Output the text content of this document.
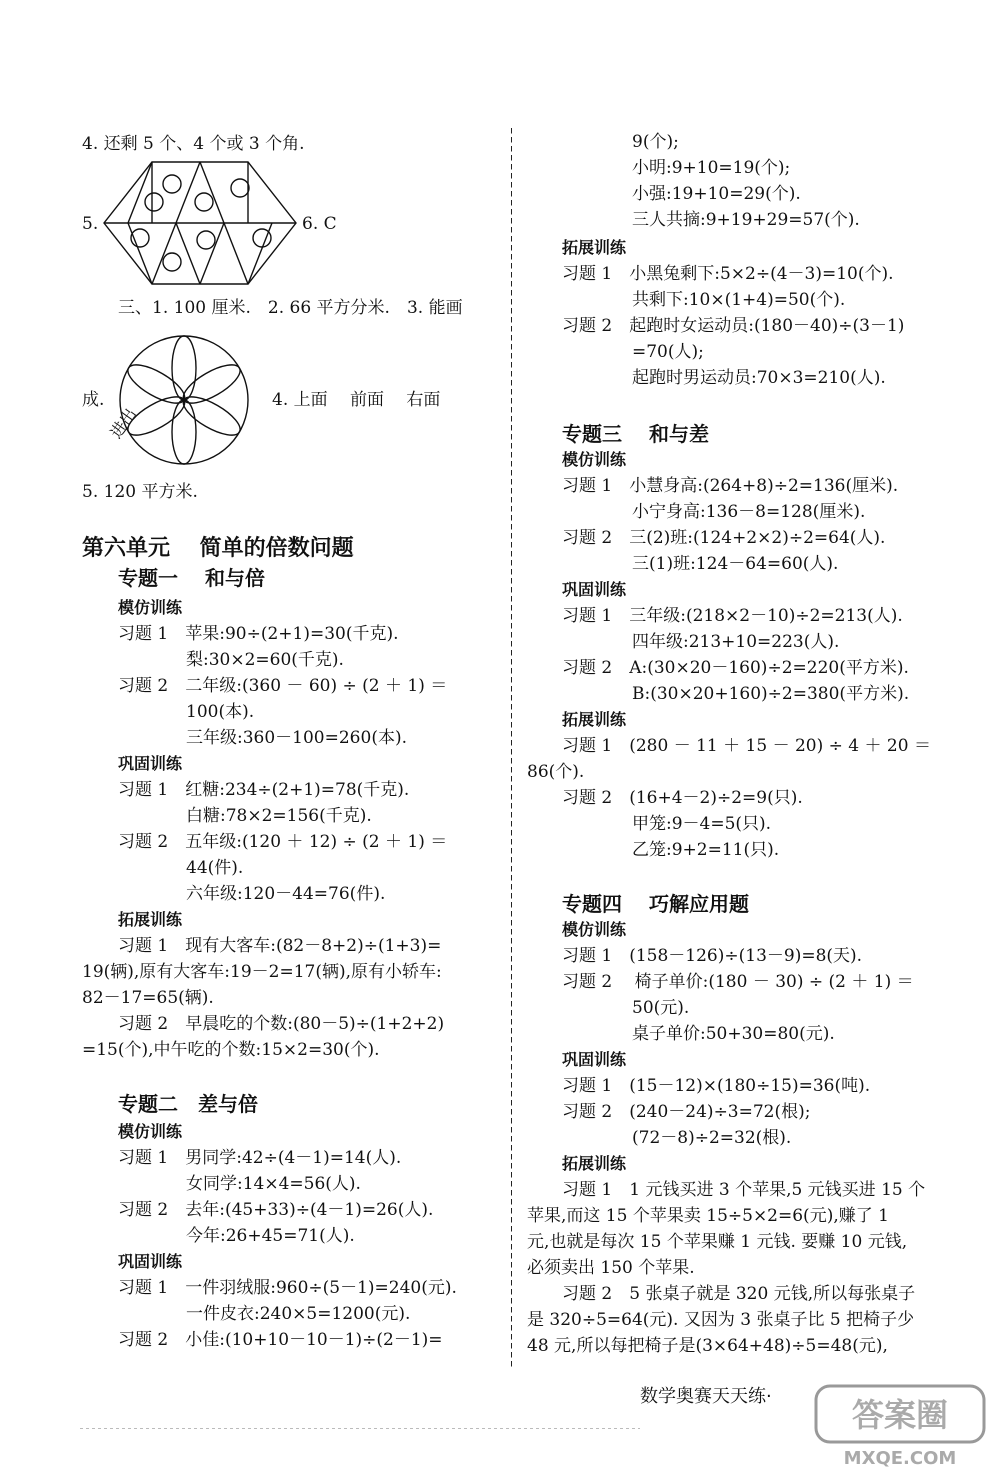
4. 还剩 5 个、4 个或 3 个角.
5.	6. C
三、1. 100 厘米.　2. 66 平方分米.　3. 能画
成.
进出
4. 上面　 前面　 右面
5. 120 平方米.
第六单元　 简单的倍数问题
专题一　 和与倍
模仿训练
习题 1　苹果:90÷(2+1)=30(千克).
梨:30×2=60(千克).
习题 2　二年级:(360 － 60) ÷ (2 ＋ 1) ＝
100(本).
三年级:360－100=260(本).
巩固训练
习题 1　红糖:234÷(2+1)=78(千克).
白糖:78×2=156(千克).
习题 2　五年级:(120 ＋ 12) ÷ (2 ＋ 1) ＝
44(件).
六年级:120－44=76(件).
拓展训练
习题 1　现有大客车:(82－8+2)÷(1+3)=
19(辆),原有大客车:19－2=17(辆),原有小轿车:
82－17=65(辆).
习题 2　早晨吃的个数:(80－5)÷(1+2+2)
=15(个),中午吃的个数:15×2=30(个).
专题二　差与倍
模仿训练
习题 1　男同学:42÷(4－1)=14(人).
女同学:14×4=56(人).
习题 2　去年:(45+33)÷(4－1)=26(人).
今年:26+45=71(人).
巩固训练
习题 1　一件羽绒服:960÷(5－1)=240(元).
一件皮衣:240×5=1200(元).
习题 2　小佳:(10+10－10－1)÷(2－1)=
9(个);
小明:9+10=19(个);
小强:19+10=29(个).
三人共摘:9+19+29=57(个).
拓展训练
习题 1　小黑兔剩下:5×2÷(4－3)=10(个).
共剩下:10×(1+4)=50(个).
习题 2　起跑时女运动员:(180－40)÷(3－1)
=70(人);
起跑时男运动员:70×3=210(人).
专题三　 和与差
模仿训练
习题 1　小慧身高:(264+8)÷2=136(厘米).
小宁身高:136－8=128(厘米).
习题 2　三(2)班:(124+2×2)÷2=64(人).
三(1)班:124－64=60(人).
巩固训练
习题 1　三年级:(218×2－10)÷2=213(人).
四年级:213+10=223(人).
习题 2　A:(30×20－160)÷2=220(平方米).
B:(30×20+160)÷2=380(平方米).
拓展训练
习题 1　(280 － 11 ＋ 15 － 20) ÷ 4 ＋ 20 ＝
86(个).
习题 2　(16+4－2)÷2=9(只).
甲笼:9－4=5(只).
乙笼:9+2=11(只).
专题四　 巧解应用题
模仿训练
习题 1　(158－126)÷(13－9)=8(天).
习题 2　 椅子单价:(180 － 30) ÷ (2 ＋ 1) ＝
50(元).
桌子单价:50+30=80(元).
巩固训练
习题 1　(15－12)×(180÷15)=36(吨).
习题 2　(240－24)÷3=72(根);
(72－8)÷2=32(根).
拓展训练
习题 1　1 元钱买进 3 个苹果,5 元钱买进 15 个
苹果,而这 15 个苹果卖 15÷5×2=6(元),赚了 1
元,也就是每次 15 个苹果赚 1 元钱. 要赚 10 元钱,
必须卖出 150 个苹果.
习题 2　5 张桌子就是 320 元钱,所以每张桌子
是 320÷5=64(元). 又因为 3 张桌子比 5 把椅子少
48 元,所以每把椅子是(3×64+48)÷5=48(元),
数学奥赛天天练·	答案圈
MXQE.COM
